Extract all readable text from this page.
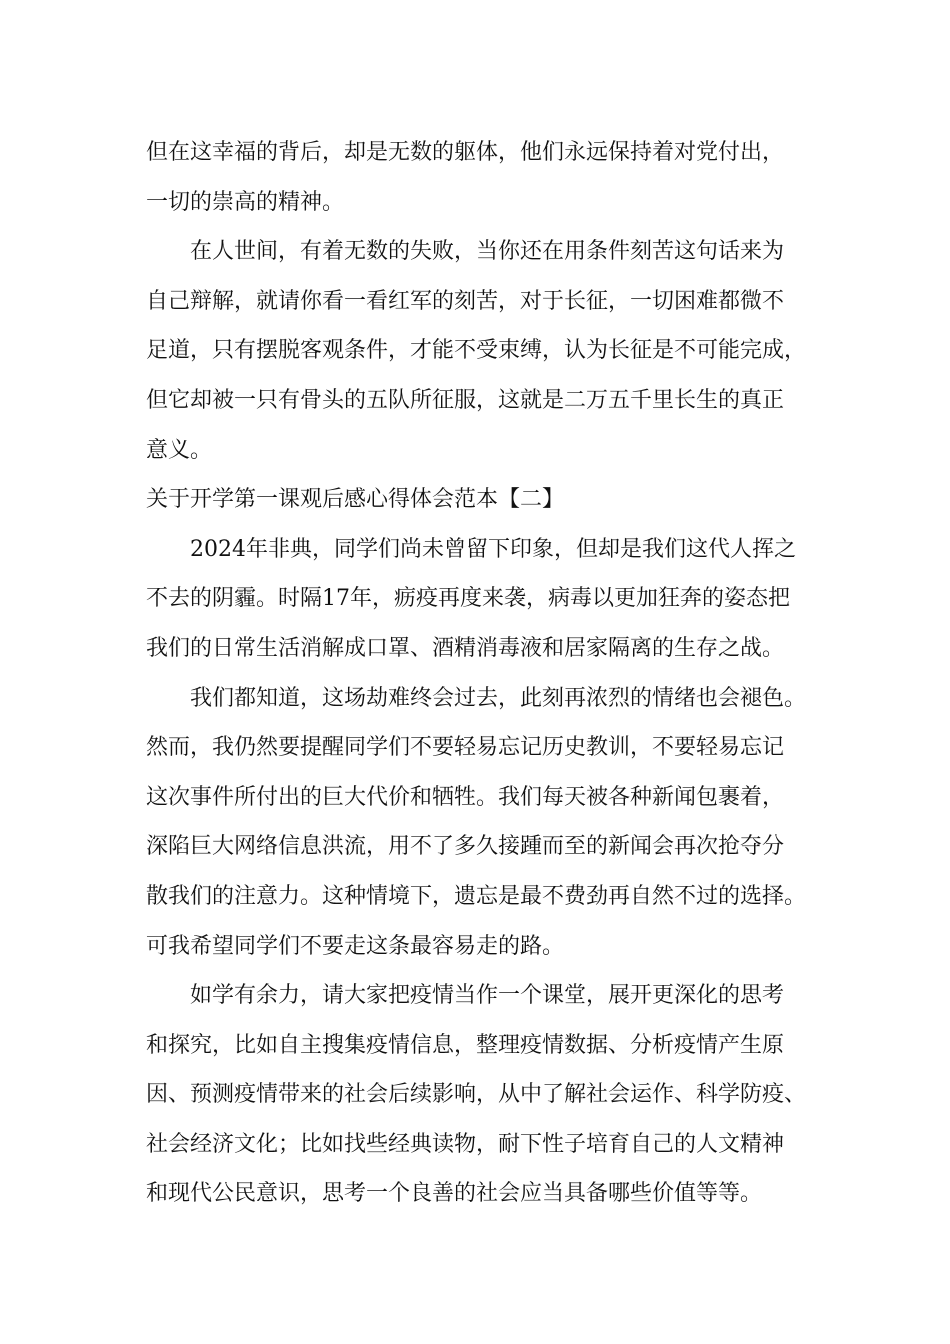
但在这幸福的背后，却是无数的躯体，他们永远保持着对党付出，
一切的崇高的精神。
在人世间，有着无数的失败，当你还在用条件刻苦这句话来为
自己辩解，就请你看一看红军的刻苦，对于长征，一切困难都微不
足道，只有摆脱客观条件，才能不受束缚，认为长征是不可能完成，
但它却被一只有骨头的五队所征服，这就是二万五千里长生的真正
意义。
关于开学第一课观后感心得体会范本【二】
2024年非典，同学们尚未曾留下印象，但却是我们这代人挥之
不去的阴霾。时隔17年，疬疫再度来袭，病毒以更加狂奔的姿态把
我们的日常生活消解成口罩、酒精消毒液和居家隔离的生存之战。
我们都知道，这场劫难终会过去，此刻再浓烈的情绪也会褪色。
然而，我仍然要提醒同学们不要轻易忘记历史教训，不要轻易忘记
这次事件所付出的巨大代价和牺牲。我们每天被各种新闻包裹着，
深陷巨大网络信息洪流，用不了多久接踵而至的新闻会再次抢夺分
散我们的注意力。这种情境下，遗忘是最不费劲再自然不过的选择。
可我希望同学们不要走这条最容易走的路。
如学有余力，请大家把疫情当作一个课堂，展开更深化的思考
和探究，比如自主搜集疫情信息，整理疫情数据、分析疫情产生原
因、预测疫情带来的社会后续影响，从中了解社会运作、科学防疫、
社会经济文化；比如找些经典读物，耐下性子培育自己的人文精神
和现代公民意识，思考一个良善的社会应当具备哪些价值等等。
